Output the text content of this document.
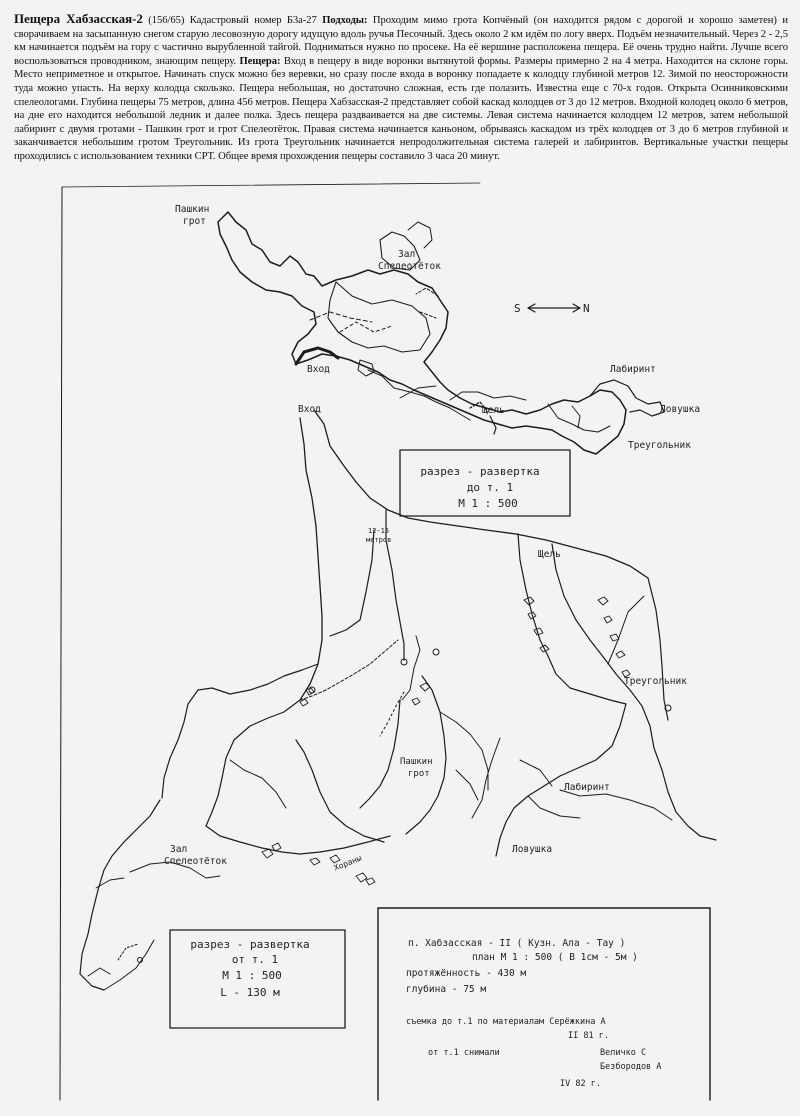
Пещера Хабзасская-2 (156/65) Кадастровый номер Б3а-27 Подходы: Проходим мимо грота Копчёный (он находится рядом с дорогой и хорошо заметен) и сворачиваем на засыпанную снегом старую лесовозную дорогу идущую вдоль ручья Песочный. Здесь около 2 км идём по логу вверх. Подъём незначительный. Через 2 - 2,5 км начинается подъём на гору с частично вырубленной тайгой. Подниматься нужно по просеке. На её вершине расположена пещера. Её очень трудно найти. Лучше всего воспользоваться проводником, знающим пещеру. Пещера: Вход в пещеру в виде воронки вытянутой формы. Размеры примерно 2 на 4 метра. Находится на склоне горы. Место неприметное и открытое. Начинать спуск можно без веревки, но сразу после входа в воронку попадаете к колодцу глубиной метров 12. Зимой по неосторожности туда можно упасть. На верху колодца скользко. Пещера небольшая, но достаточно сложная, есть где полазить. Известна еще с 70-х годов. Открыта Осинниковскими спелеологами. Глубина пещеры 75 метров, длина 456 метров. Пещера Хабзасская-2 представляет собой каскад колодцев от 3 до 12 метров. Входной колодец около 6 метров, на дне его находится небольшой ледник и далее полка. Здесь пещера раздваивается на две системы. Левая система начинается колодцем 12 метров, затем небольшой лабиринт с двумя гротами - Пашкин грот и грот Спелеотёток. Правая система начинается каньоном, обрываясь каскадом из трёх колодцев от 3 до 6 метров глубиной и заканчивается небольшим гротом Треугольник. Из грота Треугольник начинается непродолжительная система галерей и лабиринтов. Вертикальные участки пещеры проходились с использованием техники СРТ. Общее время прохождения пещеры составило 3 часа 20 минут.
Пашкин
грот
Зал
Спелеотёток
S	N
Вход
щель
Лабиринт
Ловушка
Треугольник
Вход
12-15
метров
Щель
Треугольник
Пашкин
грот
Лабиринт
Ловушка
Зал
Спелеотёток	Хораны
разрез - развертка
до т. 1
М 1 : 500
разрез - развертка
от т. 1
М 1 : 500
L - 130 м
п. Хабзасская - II ( Кузн. Ала - Тау )
план М 1 : 500 ( В 1см - 5м )
протяжённость - 430 м
глубина - 75 м
съемка до т.1 по материалам Серёжкина А
II 81 г.
от т.1 снимали	Величко С
Безбородов А
IV 82 г.
